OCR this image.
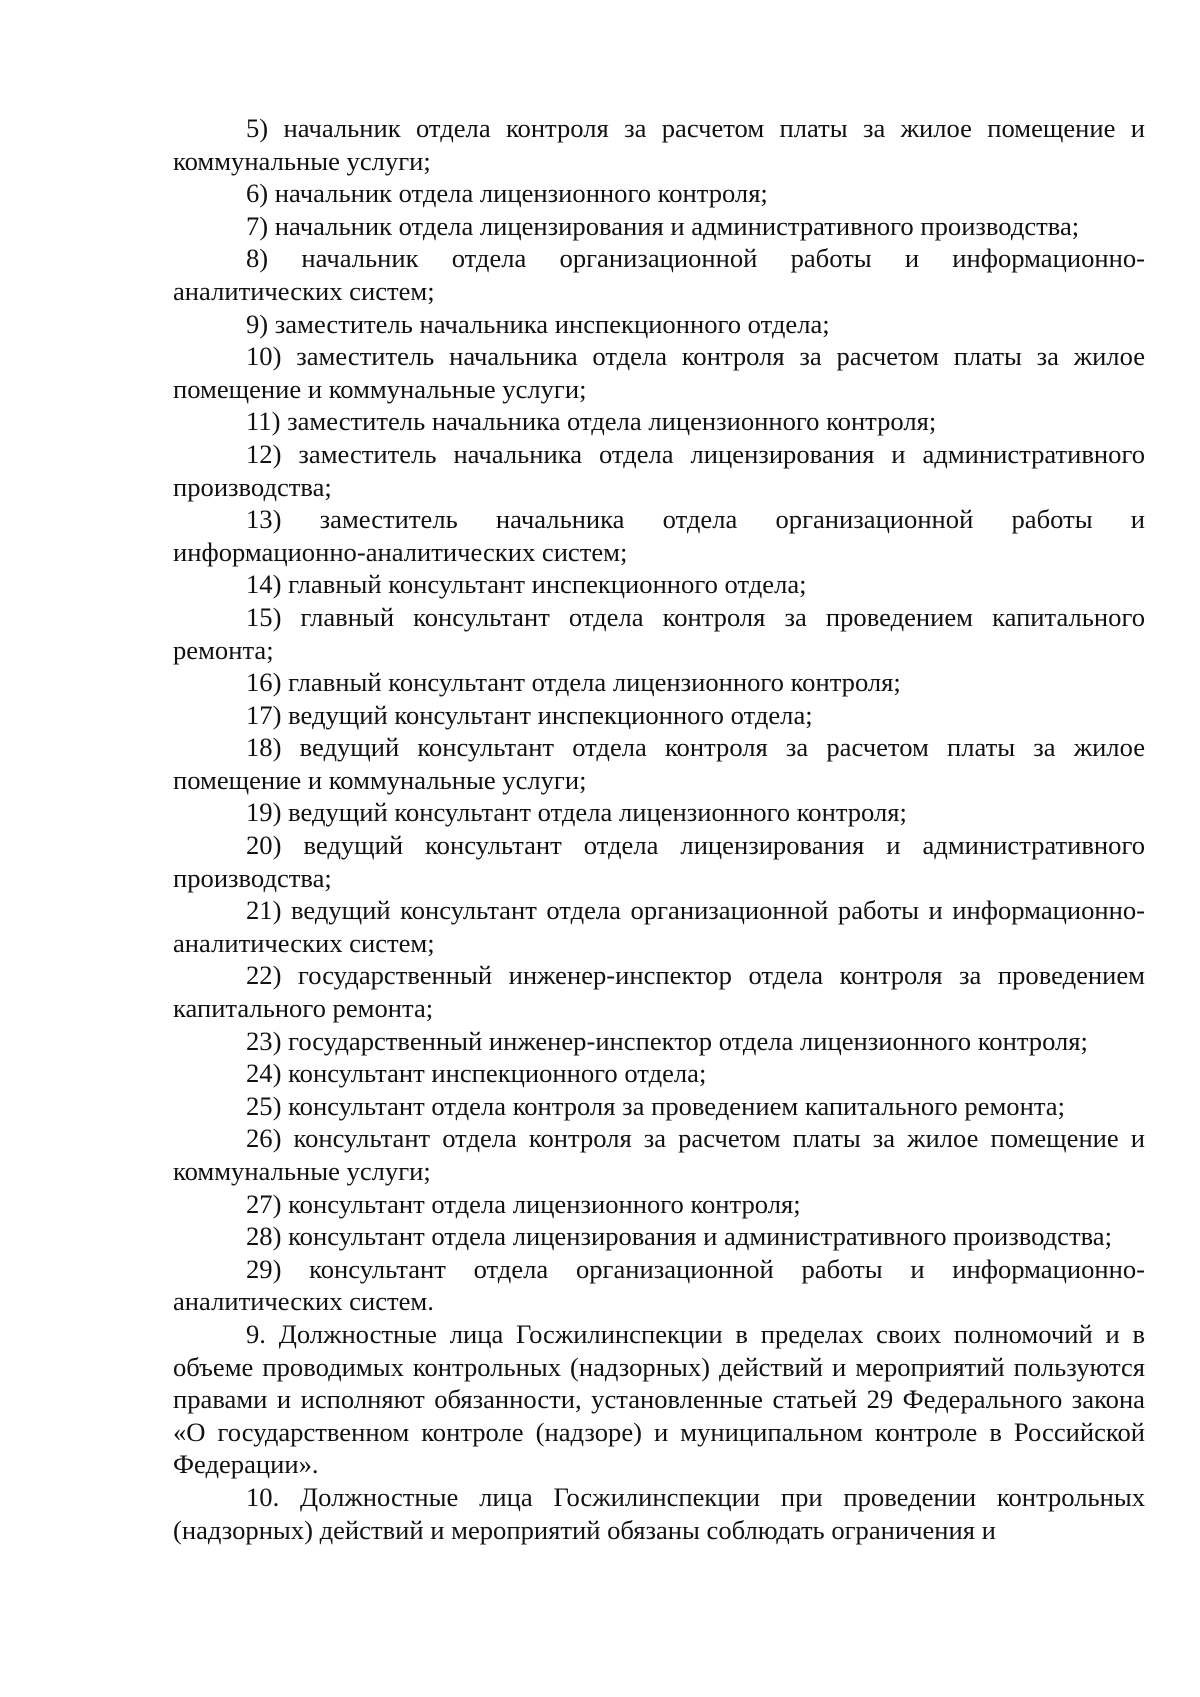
5) начальник отдела контроля за расчетом платы за жилое помещение и коммунальные услуги;

6) начальник отдела лицензионного контроля;

7) начальник отдела лицензирования и административного производства;

8) начальник отдела организационной работы и информационно-аналитических систем;

9) заместитель начальника инспекционного отдела;

10) заместитель начальника отдела контроля за расчетом платы за жилое помещение и коммунальные услуги;

11) заместитель начальника отдела лицензионного контроля;

12) заместитель начальника отдела лицензирования и административного производства;

13) заместитель начальника отдела организационной работы и информационно-аналитических систем;

14) главный консультант инспекционного отдела;

15) главный консультант отдела контроля за проведением капитального ремонта;

16) главный консультант отдела лицензионного контроля;

17) ведущий консультант инспекционного отдела;

18) ведущий консультант отдела контроля за расчетом платы за жилое помещение и коммунальные услуги;

19) ведущий консультант отдела лицензионного контроля;

20) ведущий консультант отдела лицензирования и административного производства;

21) ведущий консультант отдела организационной работы и информационно-аналитических систем;

22) государственный инженер-инспектор отдела контроля за проведением капитального ремонта;

23) государственный инженер-инспектор отдела лицензионного контроля;

24) консультант инспекционного отдела;

25) консультант отдела контроля за проведением капитального ремонта;

26) консультант отдела контроля за расчетом платы за жилое помещение и коммунальные услуги;

27) консультант отдела лицензионного контроля;

28) консультант отдела лицензирования и административного производства;

29) консультант отдела организационной работы и информационно-аналитических систем.

9. Должностные лица Госжилинспекции в пределах своих полномочий и в объеме проводимых контрольных (надзорных) действий и мероприятий пользуются правами и исполняют обязанности, установленные статьей 29 Федерального закона «О государственном контроле (надзоре) и муниципальном контроле в Российской Федерации».

10. Должностные лица Госжилинспекции при проведении контрольных (надзорных) действий и мероприятий обязаны соблюдать ограничения и
